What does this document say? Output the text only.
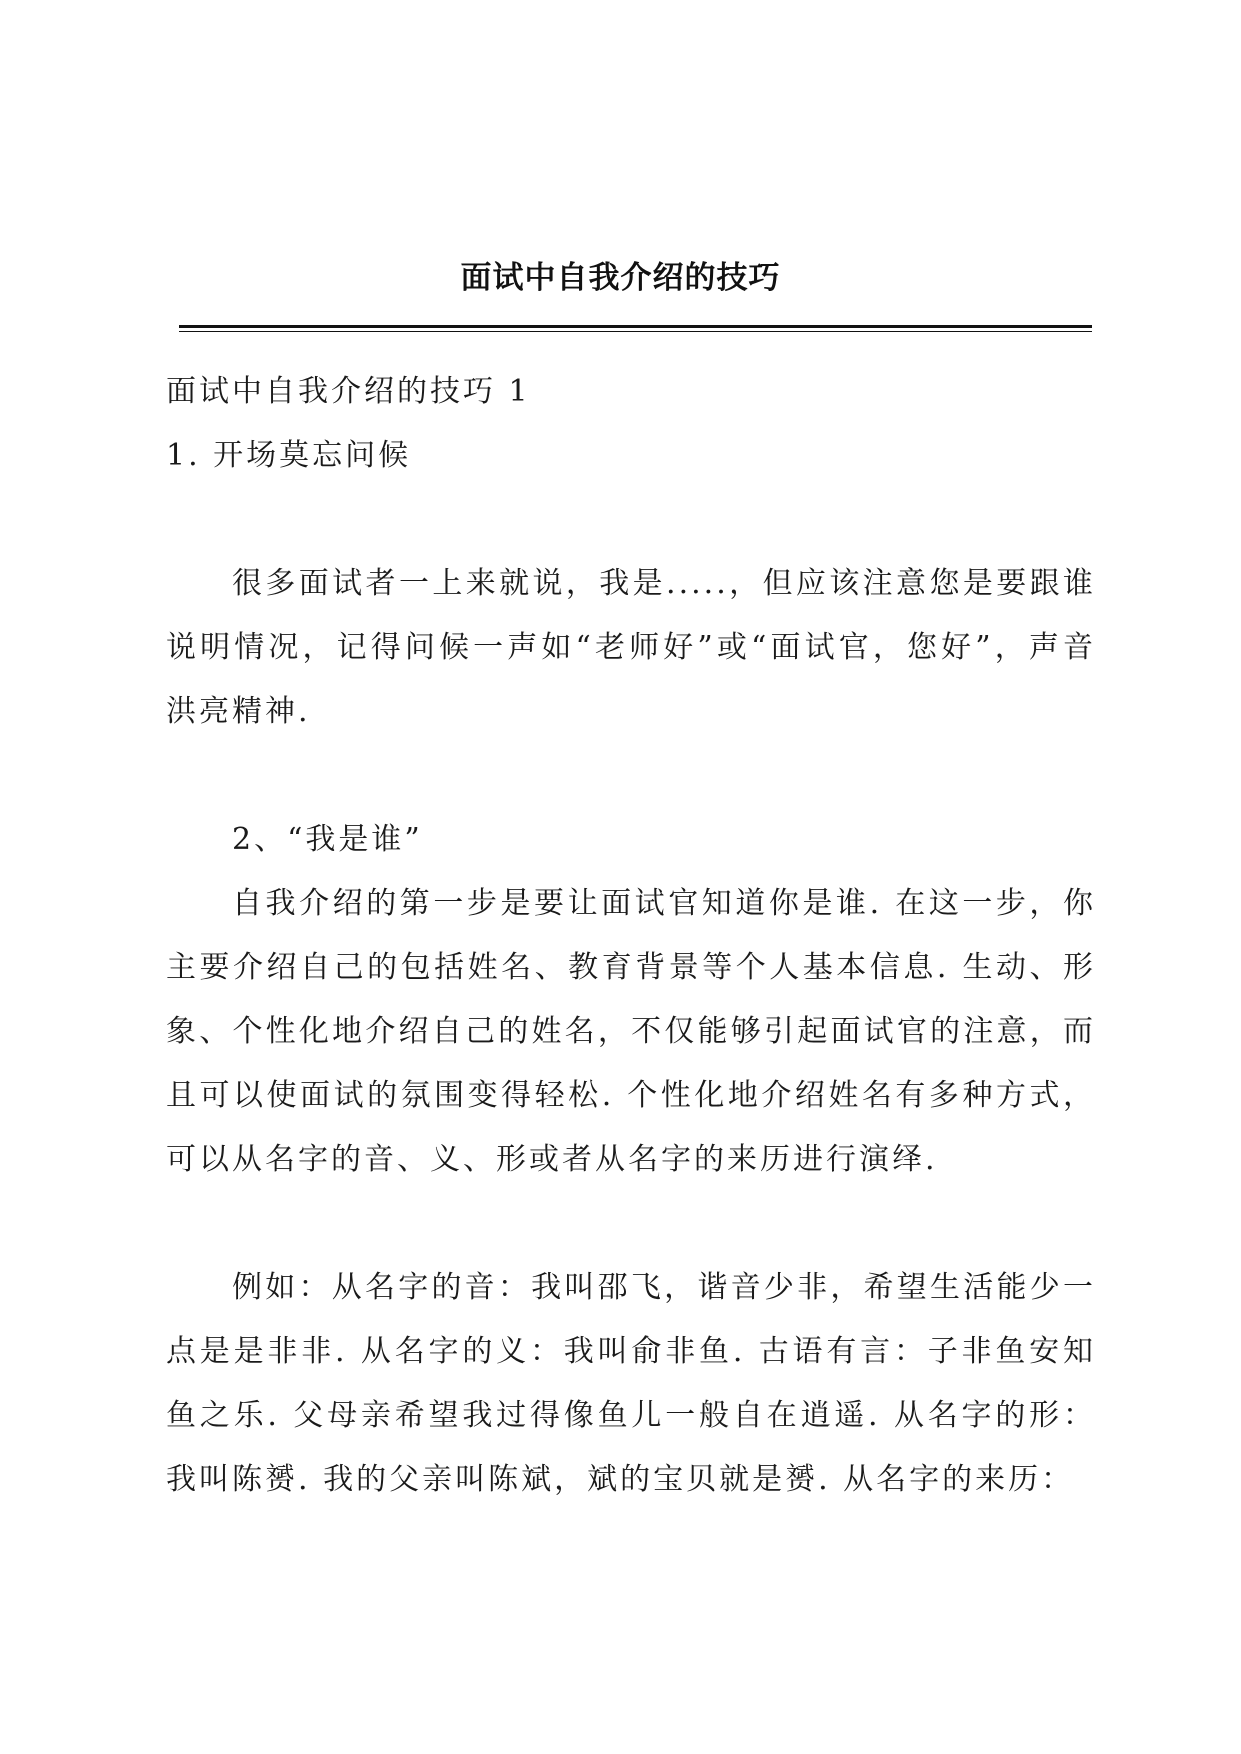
面试中自我介绍的技巧

面试中自我介绍的技巧 1

1. 开场莫忘问候

很多面试者一上来就说，我是.....，但应该注意您是要跟谁说明情况，记得问候一声如“老师好”或“面试官，您好”，声音洪亮精神.

2、“我是谁”

自我介绍的第一步是要让面试官知道你是谁. 在这一步，你主要介绍自己的包括姓名、教育背景等个人基本信息. 生动、形象、个性化地介绍自己的姓名，不仅能够引起面试官的注意，而且可以使面试的氛围变得轻松. 个性化地介绍姓名有多种方式，可以从名字的音、义、形或者从名字的来历进行演绎.

例如：从名字的音：我叫邵飞，谐音少非，希望生活能少一点是是非非. 从名字的义：我叫俞非鱼. 古语有言：子非鱼安知鱼之乐. 父母亲希望我过得像鱼儿一般自在逍遥. 从名字的形：我叫陈赟. 我的父亲叫陈斌，斌的宝贝就是赟. 从名字的来历：
